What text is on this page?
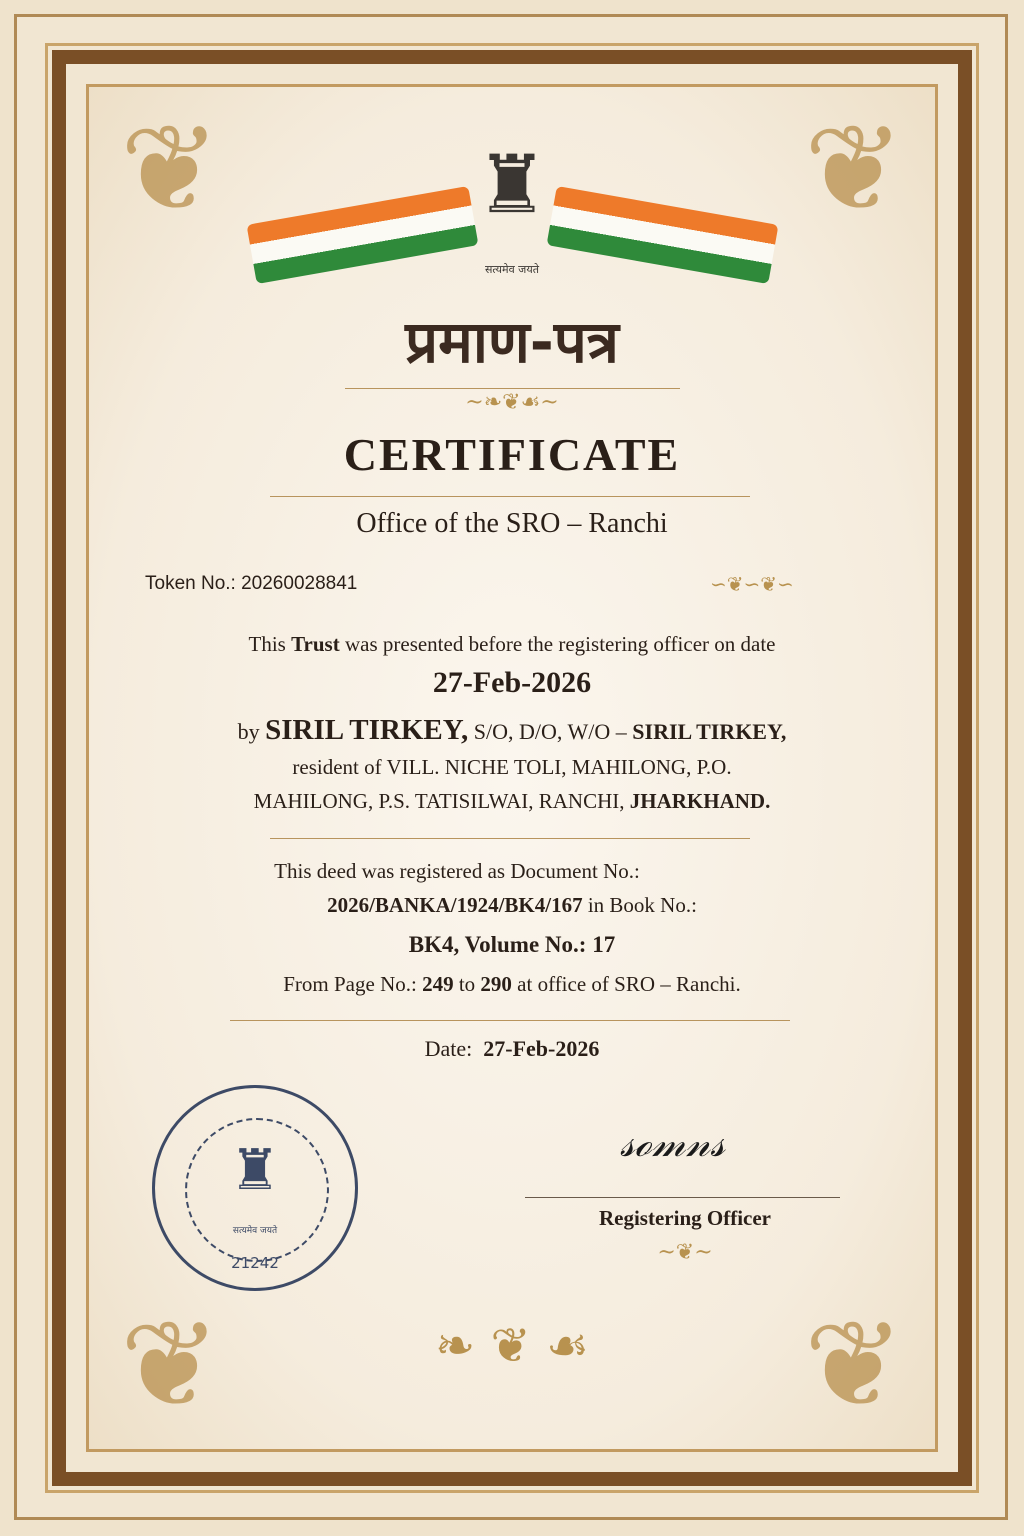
❦	❦
❦	❦
♜
सत्यमेव जयते
प्रमाण-पत्र
~❧❦☙~
CERTIFICATE
Office of the SRO – Ranchi
Token No.: 20260028841	∽❦∽❦∽
This Trust was presented before the registering officer on date
27-Feb-2026
by SIRIL TIRKEY, S/O, D/O, W/O – SIRIL TIRKEY,
resident of VILL. NICHE TOLI, MAHILONG, P.O.
MAHILONG, P.S. TATISILWAI, RANCHI, JHARKHAND.
This deed was registered as Document No.:
2026/BANKA/1924/BK4/167 in Book No.:
BK4, Volume No.: 17
From Page No.: 249 to 290 at office of SRO – Ranchi.
Date: 27-Feb-2026
♜
सत्यमेव जयते
21242
𝓈ℴ𝓂𝓃𝓈
Registering Officer
~❦~
❧ ❦ ☙
